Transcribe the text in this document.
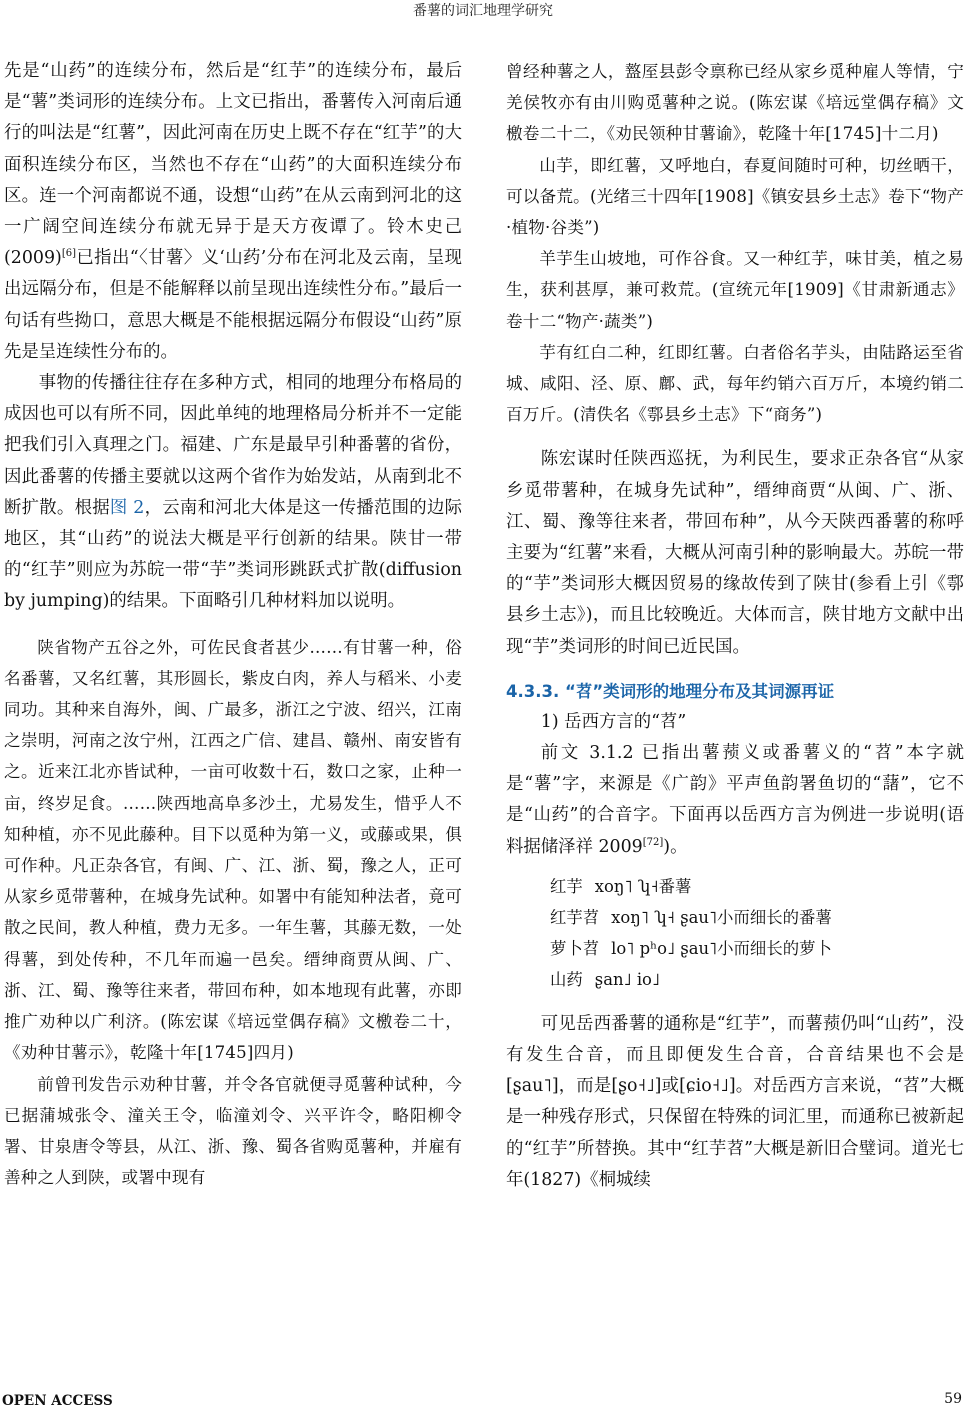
番薯的词汇地理学研究

先是“山药”的连续分布，然后是“红芋”的连续分布，最后是“薯”类词形的连续分布。上文已指出，番薯传入河南后通行的叫法是“红薯”，因此河南在历史上既不存在“红芋”的大面积连续分布区，当然也不存在“山药”的大面积连续分布区。连一个河南都说不通，设想“山药”在从云南到河北的这一广阔空间连续分布就无异于是天方夜谭了。铃木史己(2009)[6]已指出“〈甘薯〉义‘山药’分布在河北及云南，呈现出远隔分布，但是不能解释以前呈现出连续性分布。”最后一句话有些拗口，意思大概是不能根据远隔分布假设“山药”原先是呈连续性分布的。

事物的传播往往存在多种方式，相同的地理分布格局的成因也可以有所不同，因此单纯的地理格局分析并不一定能把我们引入真理之门。福建、广东是最早引种番薯的省份，因此番薯的传播主要就以这两个省作为始发站，从南到北不断扩散。根据图 2，云南和河北大体是这一传播范围的边际地区，其“山药”的说法大概是平行创新的结果。陕甘一带的“红芋”则应为苏皖一带“芋”类词形跳跃式扩散(diffusion by jumping)的结果。下面略引几种材料加以说明。

陕省物产五谷之外，可佐民食者甚少……有甘薯一种，俗名番薯，又名红薯，其形圆长，紫皮白肉，养人与稻米、小麦同功。其种来自海外，闽、广最多，浙江之宁波、绍兴，江南之崇明，河南之汝宁州，江西之广信、建昌、赣州、南安皆有之。近来江北亦皆试种，一亩可收数十石，数口之家，止种一亩，终岁足食。……陕西地高阜多沙土，尤易发生，惜乎人不知种植，亦不见此藤种。目下以觅种为第一义，或藤或果，俱可作种。凡正杂各官，有闽、广、江、浙、蜀，豫之人，正可从家乡觅带薯种，在城身先试种。如署中有能知种法者，竟可散之民间，教人种植，费力无多。一年生薯，其藤无数，一处得薯，到处传种，不几年而遍一邑矣。缙绅商贾从闽、广、浙、江、蜀、豫等往来者，带回布种，如本地现有此薯，亦即推广劝种以广利济。(陈宏谋《培远堂偶存稿》文檄卷二十，《劝种甘薯示》，乾隆十年[1745]四月)

前曾刊发告示劝种甘薯，并令各官就便寻觅薯种试种，今已据蒲城张令、潼关王令，临潼刘令、兴平许令，略阳柳令署、甘泉唐令等县，从江、浙、豫、蜀各省购觅薯种，并雇有善种之人到陕，或署中现有

曾经种薯之人，盩厔县彭令禀称已经从家乡觅种雇人等情，宁羌侯牧亦有由川购觅薯种之说。(陈宏谋《培远堂偶存稿》文檄卷二十二，《劝民领种甘薯谕》，乾隆十年[1745]十二月)

山芋，即红薯，又呼地白，春夏间随时可种，切丝晒干，可以备荒。(光绪三十四年[1908]《镇安县乡土志》卷下“物产·植物·谷类”)

羊芋生山坡地，可作谷食。又一种红芋，味甘美，植之易生，获利甚厚，兼可救荒。(宣统元年[1909]《甘肃新通志》卷十二“物产·蔬类”)

芋有红白二种，红即红薯。白者俗名芋头，由陆路运至省城、咸阳、泾、原、鄜、武，每年约销六百万斤，本境约销二百万斤。(清佚名《鄠县乡土志》下“商务”)

陈宏谋时任陕西巡抚，为利民生，要求正杂各官“从家乡觅带薯种，在城身先试种”，缙绅商贾“从闽、广、浙、江、蜀、豫等往来者，带回布种”，从今天陕西番薯的称呼主要为“红薯”来看，大概从河南引种的影响最大。苏皖一带的“芋”类词形大概因贸易的缘故传到了陕甘(参看上引《鄠县乡土志》)，而且比较晚近。大体而言，陕甘地方文献中出现“芋”类词形的时间已近民国。

4.3.3. “苕”类词形的地理分布及其词源再证

1) 岳西方言的“苕”

前文 3.1.2 已指出薯蓣义或番薯义的“苕”本字就是“薯”字，来源是《广韵》平声鱼韵署鱼切的“藷”，它不是“山药”的合音字。下面再以岳西方言为例进一步说明(语料据储泽祥 2009[72])。

红芋 xoŋ˥ ʮ˧番薯
红芋苕 xoŋ˥ ʮ˧ ʂau˥小而细长的番薯
萝卜苕 lo˥ pʰo˩ ʂau˥小而细长的萝卜
山药 ʂan˩ io˩

可见岳西番薯的通称是“红芋”，而薯蓣仍叫“山药”，没有发生合音，而且即便发生合音，合音结果也不会是[ʂau˥]，而是[ʂo˧˩]或[ɕio˧˩]。对岳西方言来说，“苕”大概是一种残存形式，只保留在特殊的词汇里，而通称已被新起的“红芋”所替换。其中“红芋苕”大概是新旧合璧词。道光七年(1827)《桐城续

OPEN ACCESS	59
